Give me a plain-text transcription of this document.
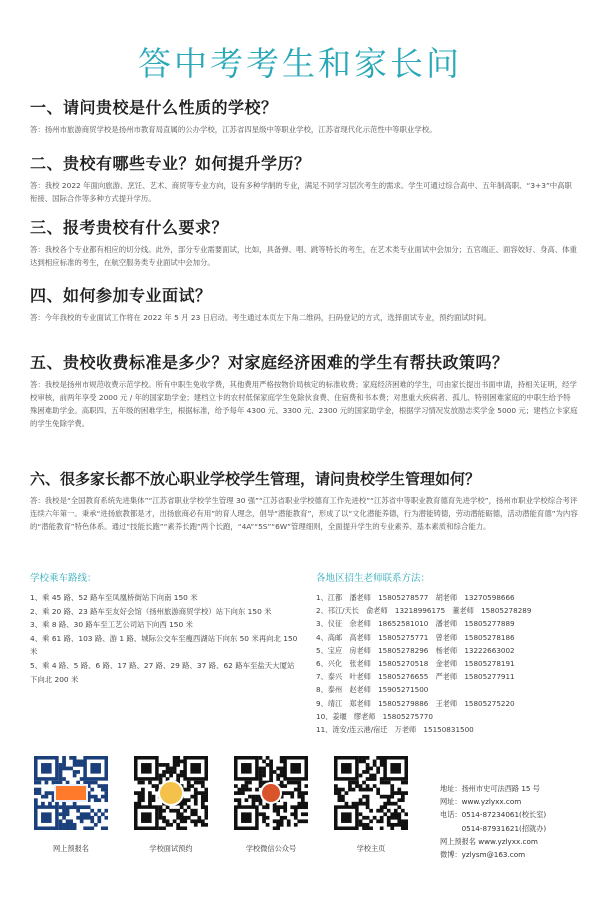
答中考考生和家长问
一、请问贵校是什么性质的学校？
答：扬州市旅游商贸学校是扬州市教育局直属的公办学校，江苏省四星级中等职业学校，江苏省现代化示范性中等职业学校。
二、贵校有哪些专业？如何提升学历？
答：我校 2022 年面向旅游、烹饪、艺术、商贸等专业方向，设有多种学制的专业，满足不同学习层次考生的需求。学生可通过综合高中、五年制高职、“3+3”中高职衔接、国际合作等多种方式提升学历。
三、报考贵校有什么要求？
答：我校各个专业都有相应的切分线。此外，部分专业需要面试，比如，具备弹、唱、跳等特长的考生，在艺术类专业面试中会加分；五官端正、面容姣好、身高、体重达到相应标准的考生，在航空服务类专业面试中会加分。
四、如何参加专业面试？
答：今年我校的专业面试工作将在 2022 年 5 月 23 日启动。考生通过本页左下角二维码，扫码登记的方式，选择面试专业，预约面试时间。
五、贵校收费标准是多少？对家庭经济困难的学生有帮扶政策吗？
答：我校是扬州市规范收费示范学校。所有中职生免收学费，其他费用严格按物价局核定的标准收费；家庭经济困难的学生，可由家长提出书面申请，持相关证明，经学校审核，前两年享受 2000 元 / 年的国家助学金；建档立卡的农村低保家庭学生免除伙食费、住宿费和书本费；对患重大疾病者、孤儿、特别困难家庭的中职生给予特殊困难助学金。高职四、五年级的困难学生，根据标准，给予每年 4300 元、3300 元、2300 元的国家助学金，根据学习情况发放励志奖学金 5000 元；建档立卡家庭的学生免除学费。
六、很多家长都不放心职业学校学生管理，请问贵校学生管理如何？
答：我校是“全国教育系统先进集体”“江苏省职业学校学生管理 30 强”“江苏省职业学校德育工作先进校”“江苏省中等职业教育德育先进学校”，扬州市职业学校综合考评连续六年第一。秉承“进扬旅教都是才，出扬旅商必有用”的育人理念，倡导“潜能教育”，形成了以“文化潜能养德，行为潜能铸德，劳动潜能砺德，活动潜能育德”为内容的“潜能教育”特色体系。通过“技能长跑”“素养长跑”两个长跑，“4A”“5S”“6W”管理细则，全面提升学生的专业素养、基本素质和综合能力。
学校乘车路线：
1、乘 45 路、52 路车至凤凰桥街站下向南 150 米
2、乘 20 路、23 路车至友好会馆（扬州旅游商贸学校）站下向东 150 米
3、乘 8 路、30 路车至工艺公司站下向西 150 米
4、乘 61 路、103 路、游 1 路、城际公交车至瘦西湖站下向东 50 米再向北 150 米
5、乘 4 路、5 路、6 路、17 路、27 路、29 路、37 路、62 路车至盐天大厦站下向北 200 米
各地区招生老师联系方法：
1、江都　潘老师　15805278577　胡老师　13270598666
2、邗江/天长　俞老师　13218996175　董老师　15805278289
3、仪征　余老师　18652581010　潘老师　15805277889
4、高邮　高老师　15805275771　曾老师　15805278186
5、宝应　房老师　15805278296　杨老师　13222663002
6、兴化　张老师　15805270518　金老师　15805278191
7、泰兴　叶老师　15805276655　严老师　15805277911
8、泰州　赵老师　15905271500
9、靖江　郑老师　15805279886　王老师　15805275220
10、姜堰　缪老师　15805275770
11、涟安/连云港/宿迁　万老师　15150831500
网上预报名	学校面试预约	学校微信公众号	学校主页
地址：扬州市史可法西路 15 号
网址：www.yzlyxx.com
电话：0514-87234061(校长室)
　　　0514-87931621(招就办)
网上预报名 www.yzlyxx.com
微博：yzlysm@163.com
